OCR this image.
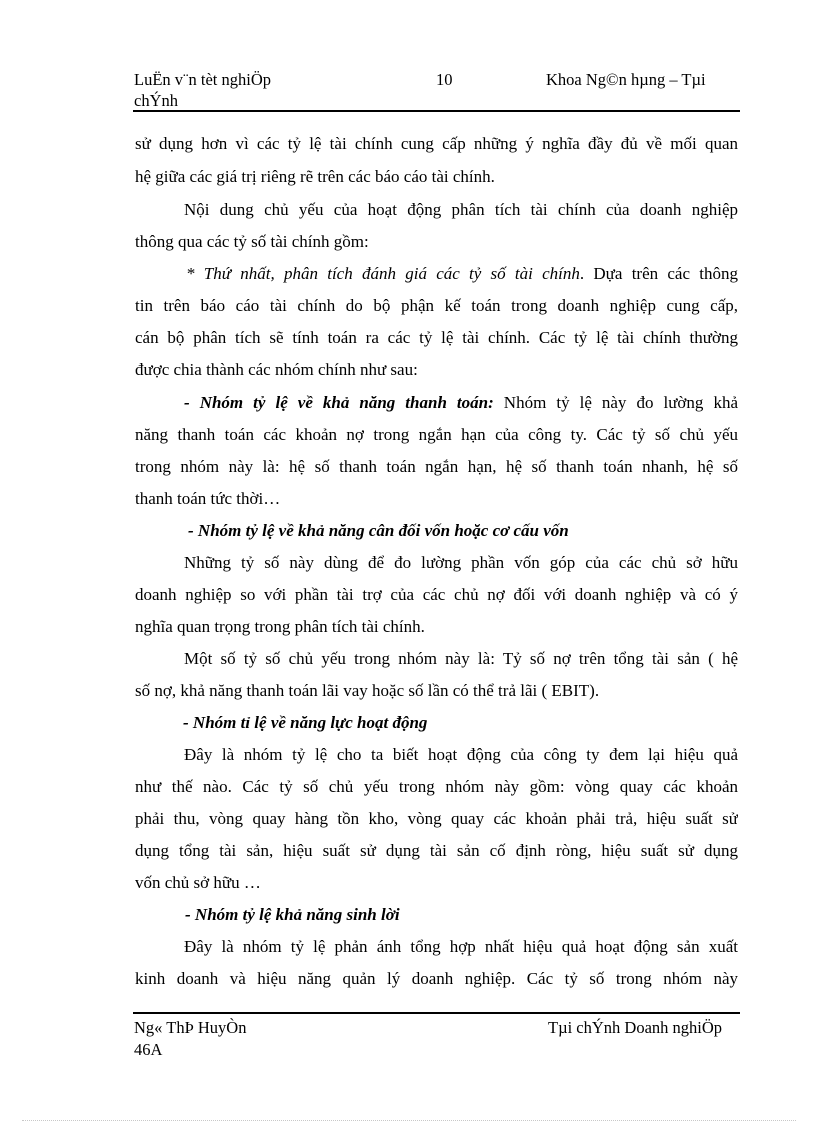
LuËn v¨n tèt nghiÖp
chÝnh
10	Khoa Ng©n hµng – Tµi
sử dụng hơn vì các tỷ lệ tài chính cung cấp những ý nghĩa đầy đủ về mối quan
hệ giữa các giá trị riêng rẽ trên các báo cáo tài chính.
Nội dung chủ yếu của hoạt động phân tích tài chính của doanh nghiệp
thông qua các tỷ số tài chính gồm:
* Thứ nhất, phân tích đánh giá các tỷ số tài chính. Dựa trên các thông
tin trên báo cáo tài chính do bộ phận kế toán trong doanh nghiệp cung cấp,
cán bộ phân tích sẽ tính toán ra các tỷ lệ tài chính. Các tỷ lệ tài chính thường
được chia thành các nhóm chính như sau:
- Nhóm tỷ lệ về khả năng thanh toán: Nhóm tỷ lệ này đo lường khả
năng thanh toán các khoản nợ trong ngắn hạn của công ty. Các tỷ số chủ yếu
trong nhóm này là: hệ số thanh toán ngắn hạn, hệ số thanh toán nhanh, hệ số
thanh toán tức thời…
- Nhóm tỷ lệ về khả năng cân đối vốn hoặc cơ cấu vốn
Những tỷ số này dùng để đo lường phần vốn góp của các chủ sở hữu
doanh nghiệp so với phần tài trợ của các chủ nợ đối với doanh nghiệp và có ý
nghĩa quan trọng trong phân tích tài chính.
Một số tỷ số chủ yếu trong nhóm này là: Tỷ số nợ trên tổng tài sản ( hệ
số nợ, khả năng thanh toán lãi vay hoặc số lần có thể trả lãi ( EBIT).
- Nhóm tỉ lệ về năng lực hoạt động
Đây là nhóm tỷ lệ cho ta biết hoạt động của công ty đem lại hiệu quả
như thế nào. Các tỷ số chủ yếu trong nhóm này gồm: vòng quay các khoản
phải thu, vòng quay hàng tồn kho, vòng quay các khoản phải trả, hiệu suất sử
dụng tổng tài sản, hiệu suất sử dụng tài sản cố định ròng, hiệu suất sử dụng
vốn chủ sở hữu …
- Nhóm tỷ lệ khả năng sinh lời
Đây là nhóm tỷ lệ phản ánh tổng hợp nhất hiệu quả hoạt động sản xuất
kinh doanh và hiệu năng quản lý doanh nghiệp. Các tỷ số trong nhóm này
Ng« ThÞ HuyÒn
46A
Tµi chÝnh Doanh nghiÖp
